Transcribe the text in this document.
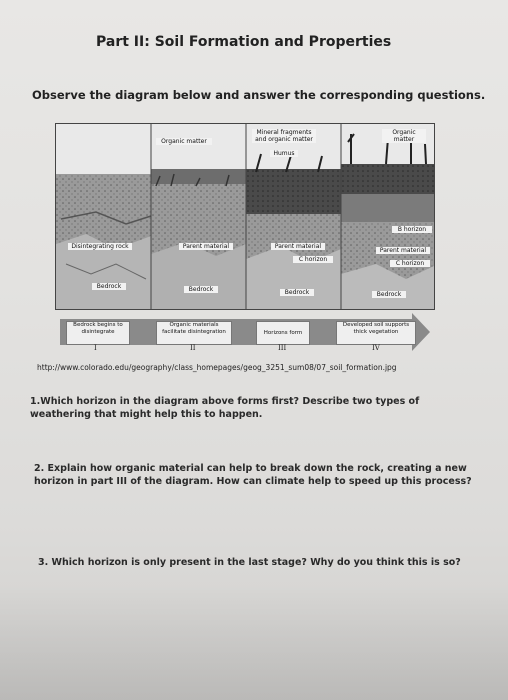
Part II: Soil Formation and Properties
Observe the diagram below and answer the corresponding questions.
Organic matter
Mineral fragments and organic matter
Humus
Organic matter
Disintegrating rock	Parent material	Parent material
C horizon
B horizon
Parent material
C horizon
Bedrock	Bedrock	Bedrock	Bedrock
Bedrock begins to disintegrate
Organic materials facilitate disintegration	Horizons form
Developed soil supports thick vegetation
I	II	III	IV
http://www.colorado.edu/geography/class_homepages/geog_3251_sum08/07_soil_formation.jpg
1.Which horizon in the diagram above forms first? Describe two types of weathering that might help this to happen.
2. Explain how organic material can help to break down the rock, creating a new horizon in part III of the diagram. How can climate help to speed up this process?
3. Which horizon is only present in the last stage? Why do you think this is so?
